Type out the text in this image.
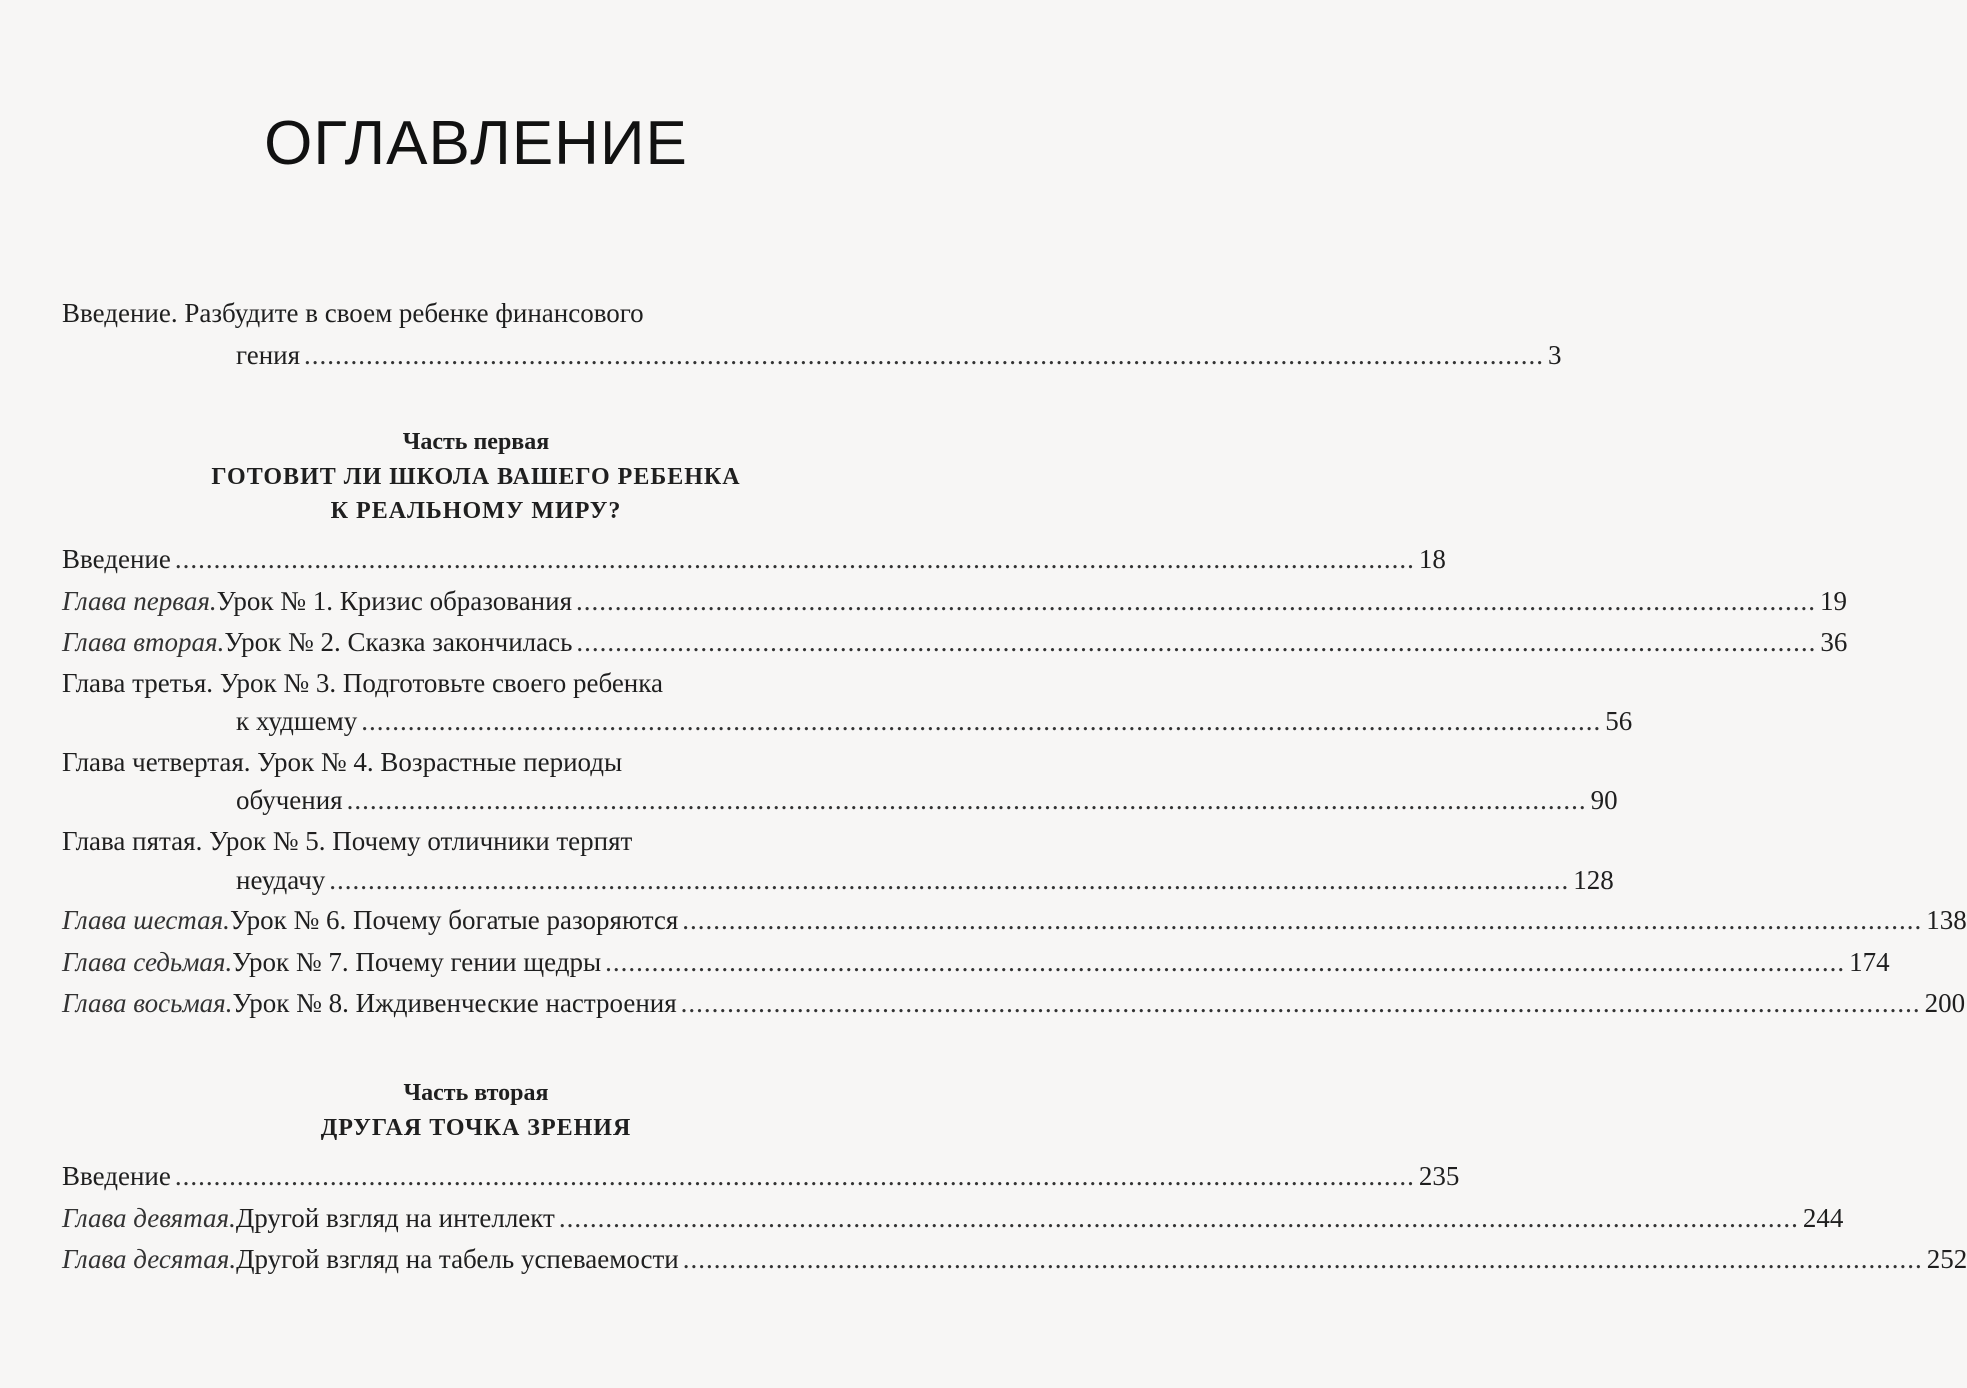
ОГЛАВЛЕНИЕ
Введение. Разбудите в своем ребенке финансового
гения ................................................................................................................................................................ 3
Часть первая
ГОТОВИТ ЛИ ШКОЛА ВАШЕГО РЕБЕНКА
К РЕАЛЬНОМУ МИРУ?
Введение ................................................................................................................................................................ 18
Глава первая. Урок № 1. Кризис образования ................................................................................................................................................................ 19
Глава вторая. Урок № 2. Сказка закончилась ................................................................................................................................................................ 36
Глава третья. Урок № 3. Подготовьте своего ребенка
к худшему ................................................................................................................................................................ 56
Глава четвертая. Урок № 4. Возрастные периоды
обучения ................................................................................................................................................................ 90
Глава пятая. Урок № 5. Почему отличники терпят
неудачу ................................................................................................................................................................ 128
Глава шестая. Урок № 6. Почему богатые разоряются ................................................................................................................................................................ 138
Глава седьмая. Урок № 7. Почему гении щедры ................................................................................................................................................................ 174
Глава восьмая. Урок № 8. Иждивенческие настроения ................................................................................................................................................................ 200
Часть вторая
ДРУГАЯ ТОЧКА ЗРЕНИЯ
Введение ................................................................................................................................................................ 235
Глава девятая. Другой взгляд на интеллект ................................................................................................................................................................ 244
Глава десятая. Другой взгляд на табель успеваемости ................................................................................................................................................................ 252
